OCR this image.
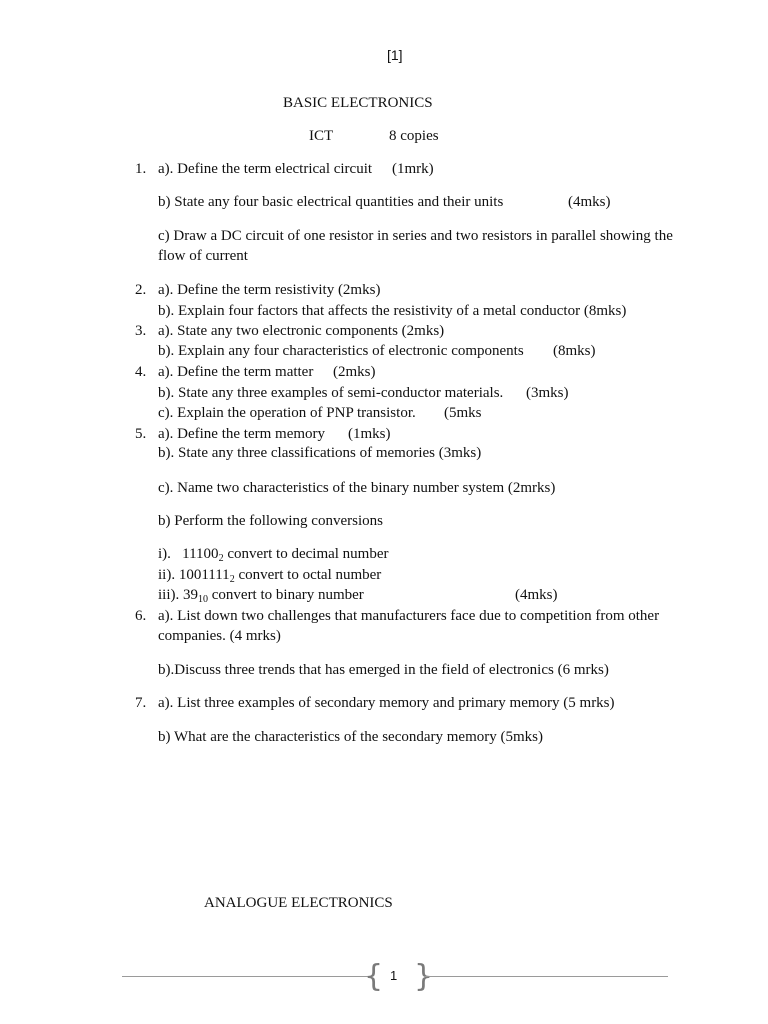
[1]
BASIC ELECTRONICS
ICT	8 copies
1. a). Define the term electrical circuit (1mrk)
b) State any four basic electrical quantities and their units	(4mks)
c) Draw a DC circuit of one resistor in series and two resistors in parallel showing the flow of current
2. a). Define the term resistivity (2mks)
b). Explain four factors that affects the resistivity of a metal conductor (8mks)
3. a). State any two electronic components (2mks)
b). Explain any four characteristics of electronic components (8mks)
4. a). Define the term matter (2mks)
b). State any three examples of semi-conductor materials. (3mks)
c). Explain the operation of PNP transistor. (5mks
5. a). Define the term memory (1mks)
b). State any three classifications of memories (3mks)
c). Name two characteristics of the binary number system (2mrks)
b) Perform the following conversions
i). $11100_2$ convert to decimal number
ii). $1001111_2$ convert to octal number
iii). $39_{10}$ convert to binary number	(4mks)
6. a). List down two challenges that manufacturers face due to competition from other companies. (4 mrks)
b).Discuss three trends that has emerged in the field of electronics (6 mrks)
7. a). List three examples of secondary memory and primary memory (5 mrks)
b) What are the characteristics of the secondary memory (5mks)
ANALOGUE ELECTRONICS
{ 1 }
